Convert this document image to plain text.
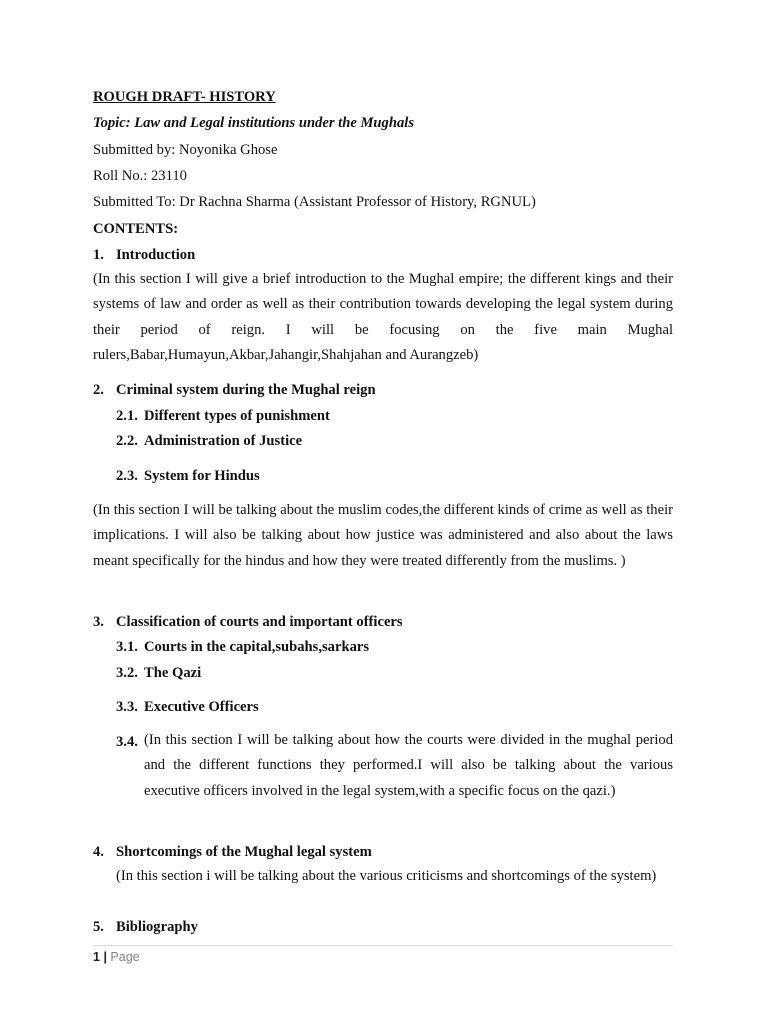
ROUGH DRAFT- HISTORY
Topic: Law and Legal institutions under the Mughals
Submitted by: Noyonika Ghose
Roll No.: 23110
Submitted To: Dr Rachna Sharma (Assistant Professor of History, RGNUL)
CONTENTS:
1. Introduction
(In this section I will give a brief introduction to the Mughal empire; the different kings and their systems of law and order as well as their contribution towards developing the legal system during their period of reign. I will be focusing on the five main Mughal rulers,Babar,Humayun,Akbar,Jahangir,Shahjahan and Aurangzeb)
2. Criminal system during the Mughal reign
2.1. Different types of punishment
2.2. Administration of Justice
2.3. System for Hindus
(In this section I will be talking about the muslim codes,the different kinds of crime as well as their implications. I will also be talking about how justice was administered and also about the laws meant specifically for the hindus and how they were treated differently from the muslims. )
3. Classification of courts and important officers
3.1. Courts in the capital,subahs,sarkars
3.2. The Qazi
3.3. Executive Officers
3.4. (In this section I will be talking about how the courts were divided in the mughal period and the different functions they performed.I will also be talking about the various executive officers involved in the legal system,with a specific focus on the qazi.)
4. Shortcomings of the Mughal legal system
(In this section i will be talking about the various criticisms and shortcomings of the system)
5. Bibliography
1 | Page
